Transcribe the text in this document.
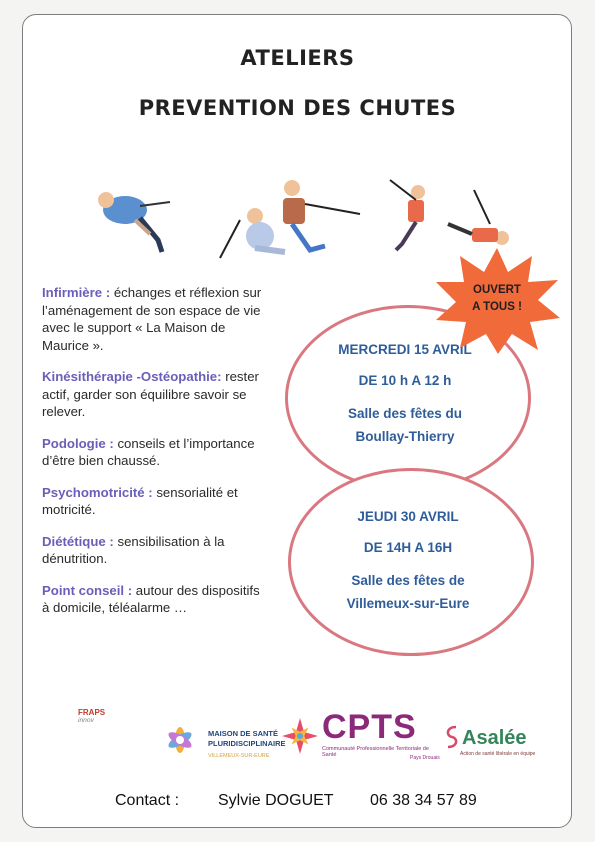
ATELIERS
PREVENTION DES CHUTES
Infirmière : échanges et réflexion sur l’aménagement de son espace de vie avec le support « La Maison de Maurice ».
Kinésithérapie -Ostéopathie: rester actif, garder son équilibre savoir se relever.
Podologie : conseils et l’importance d’être bien chaussé.
Psychomotricité : sensorialité et motricité.
Diététique : sensibilisation à la dénutrition.
Point conseil : autour des dispositifs à domicile, téléalarme …
MERCREDI 15 AVRIL
DE 10 h A 12 h
Salle des fêtes du
Boullay-Thierry
JEUDI 30 AVRIL
DE 14H A 16H
Salle des fêtes de
Villemeux-sur-Eure
OUVERT
A TOUS !
FRAPS
innov
MAISON DE SANTÉ
PLURIDISCIPLINAIRE
VILLEMEUX-SUR-EURE
CPTS
Communauté Professionnelle Territoriale de Santé	Pays Drouais
Asalée
Action de santé libérale en équipe
Contact : Sylvie DOGUET 06 38 34 57 89
